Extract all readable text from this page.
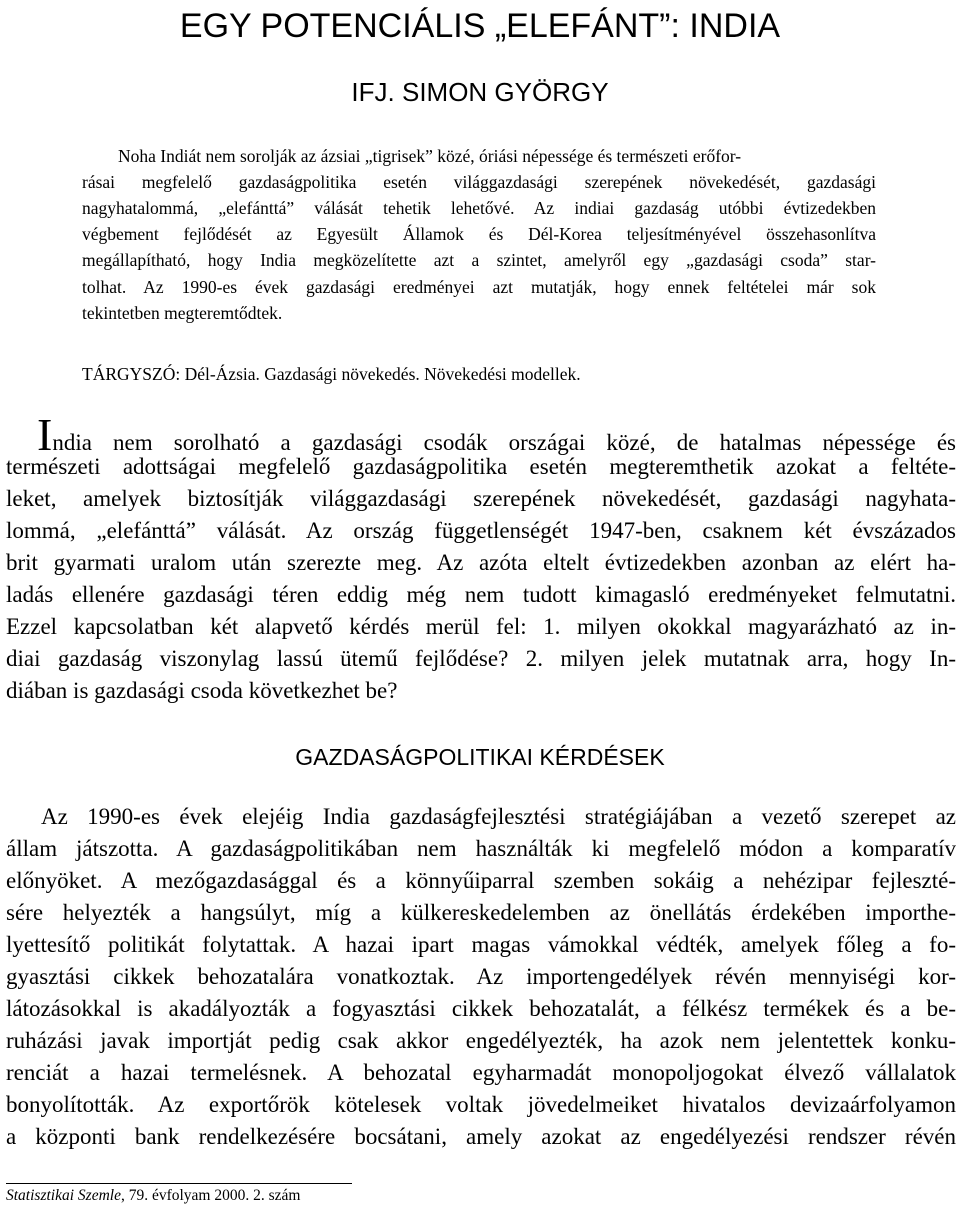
EGY POTENCIÁLIS „ELEFÁNT”: INDIA
IFJ. SIMON GYÖRGY
Noha Indiát nem sorolják az ázsiai „tigrisek” közé, óriási népessége és természeti erőfor-
rásai megfelelő gazdaságpolitika esetén világgazdasági szerepének növekedését, gazdasági
nagyhatalommá, „elefánttá” válását tehetik lehetővé. Az indiai gazdaság utóbbi évtizedekben
végbement fejlődését az Egyesült Államok és Dél-Korea teljesítményével összehasonlítva
megállapítható, hogy India megközelítette azt a szintet, amelyről egy „gazdasági csoda” star-
tolhat. Az 1990-es évek gazdasági eredményei azt mutatják, hogy ennek feltételei már sok
tekintetben megteremtődtek.
TÁRGYSZÓ: Dél-Ázsia. Gazdasági növekedés. Növekedési modellek.
India nem sorolható a gazdasági csodák országai közé, de hatalmas népessége és
természeti adottságai megfelelő gazdaságpolitika esetén megteremthetik azokat a feltéte-
leket, amelyek biztosítják világgazdasági szerepének növekedését, gazdasági nagyhata-
lommá, „elefánttá” válását. Az ország függetlenségét 1947-ben, csaknem két évszázados
brit gyarmati uralom után szerezte meg. Az azóta eltelt évtizedekben azonban az elért ha-
ladás ellenére gazdasági téren eddig még nem tudott kimagasló eredményeket felmutatni.
Ezzel kapcsolatban két alapvető kérdés merül fel: 1. milyen okokkal magyarázható az in-
diai gazdaság viszonylag lassú ütemű fejlődése? 2. milyen jelek mutatnak arra, hogy In-
diában is gazdasági csoda következhet be?
GAZDASÁGPOLITIKAI KÉRDÉSEK
Az 1990-es évek elejéig India gazdaságfejlesztési stratégiájában a vezető szerepet az
állam játszotta. A gazdaságpolitikában nem használták ki megfelelő módon a komparatív
előnyöket. A mezőgazdasággal és a könnyűiparral szemben sokáig a nehézipar fejleszté-
sére helyezték a hangsúlyt, míg a külkereskedelemben az önellátás érdekében importhe-
lyettesítő politikát folytattak. A hazai ipart magas vámokkal védték, amelyek főleg a fo-
gyasztási cikkek behozatalára vonatkoztak. Az importengedélyek révén mennyiségi kor-
látozásokkal is akadályozták a fogyasztási cikkek behozatalát, a félkész termékek és a be-
ruházási javak importját pedig csak akkor engedélyezték, ha azok nem jelentettek konku-
renciát a hazai termelésnek. A behozatal egyharmadát monopoljogokat élvező vállalatok
bonyolították. Az exportőrök kötelesek voltak jövedelmeiket hivatalos devizaárfolyamon
a központi bank rendelkezésére bocsátani, amely azokat az engedélyezési rendszer révén
Statisztikai Szemle, 79. évfolyam 2000. 2. szám
